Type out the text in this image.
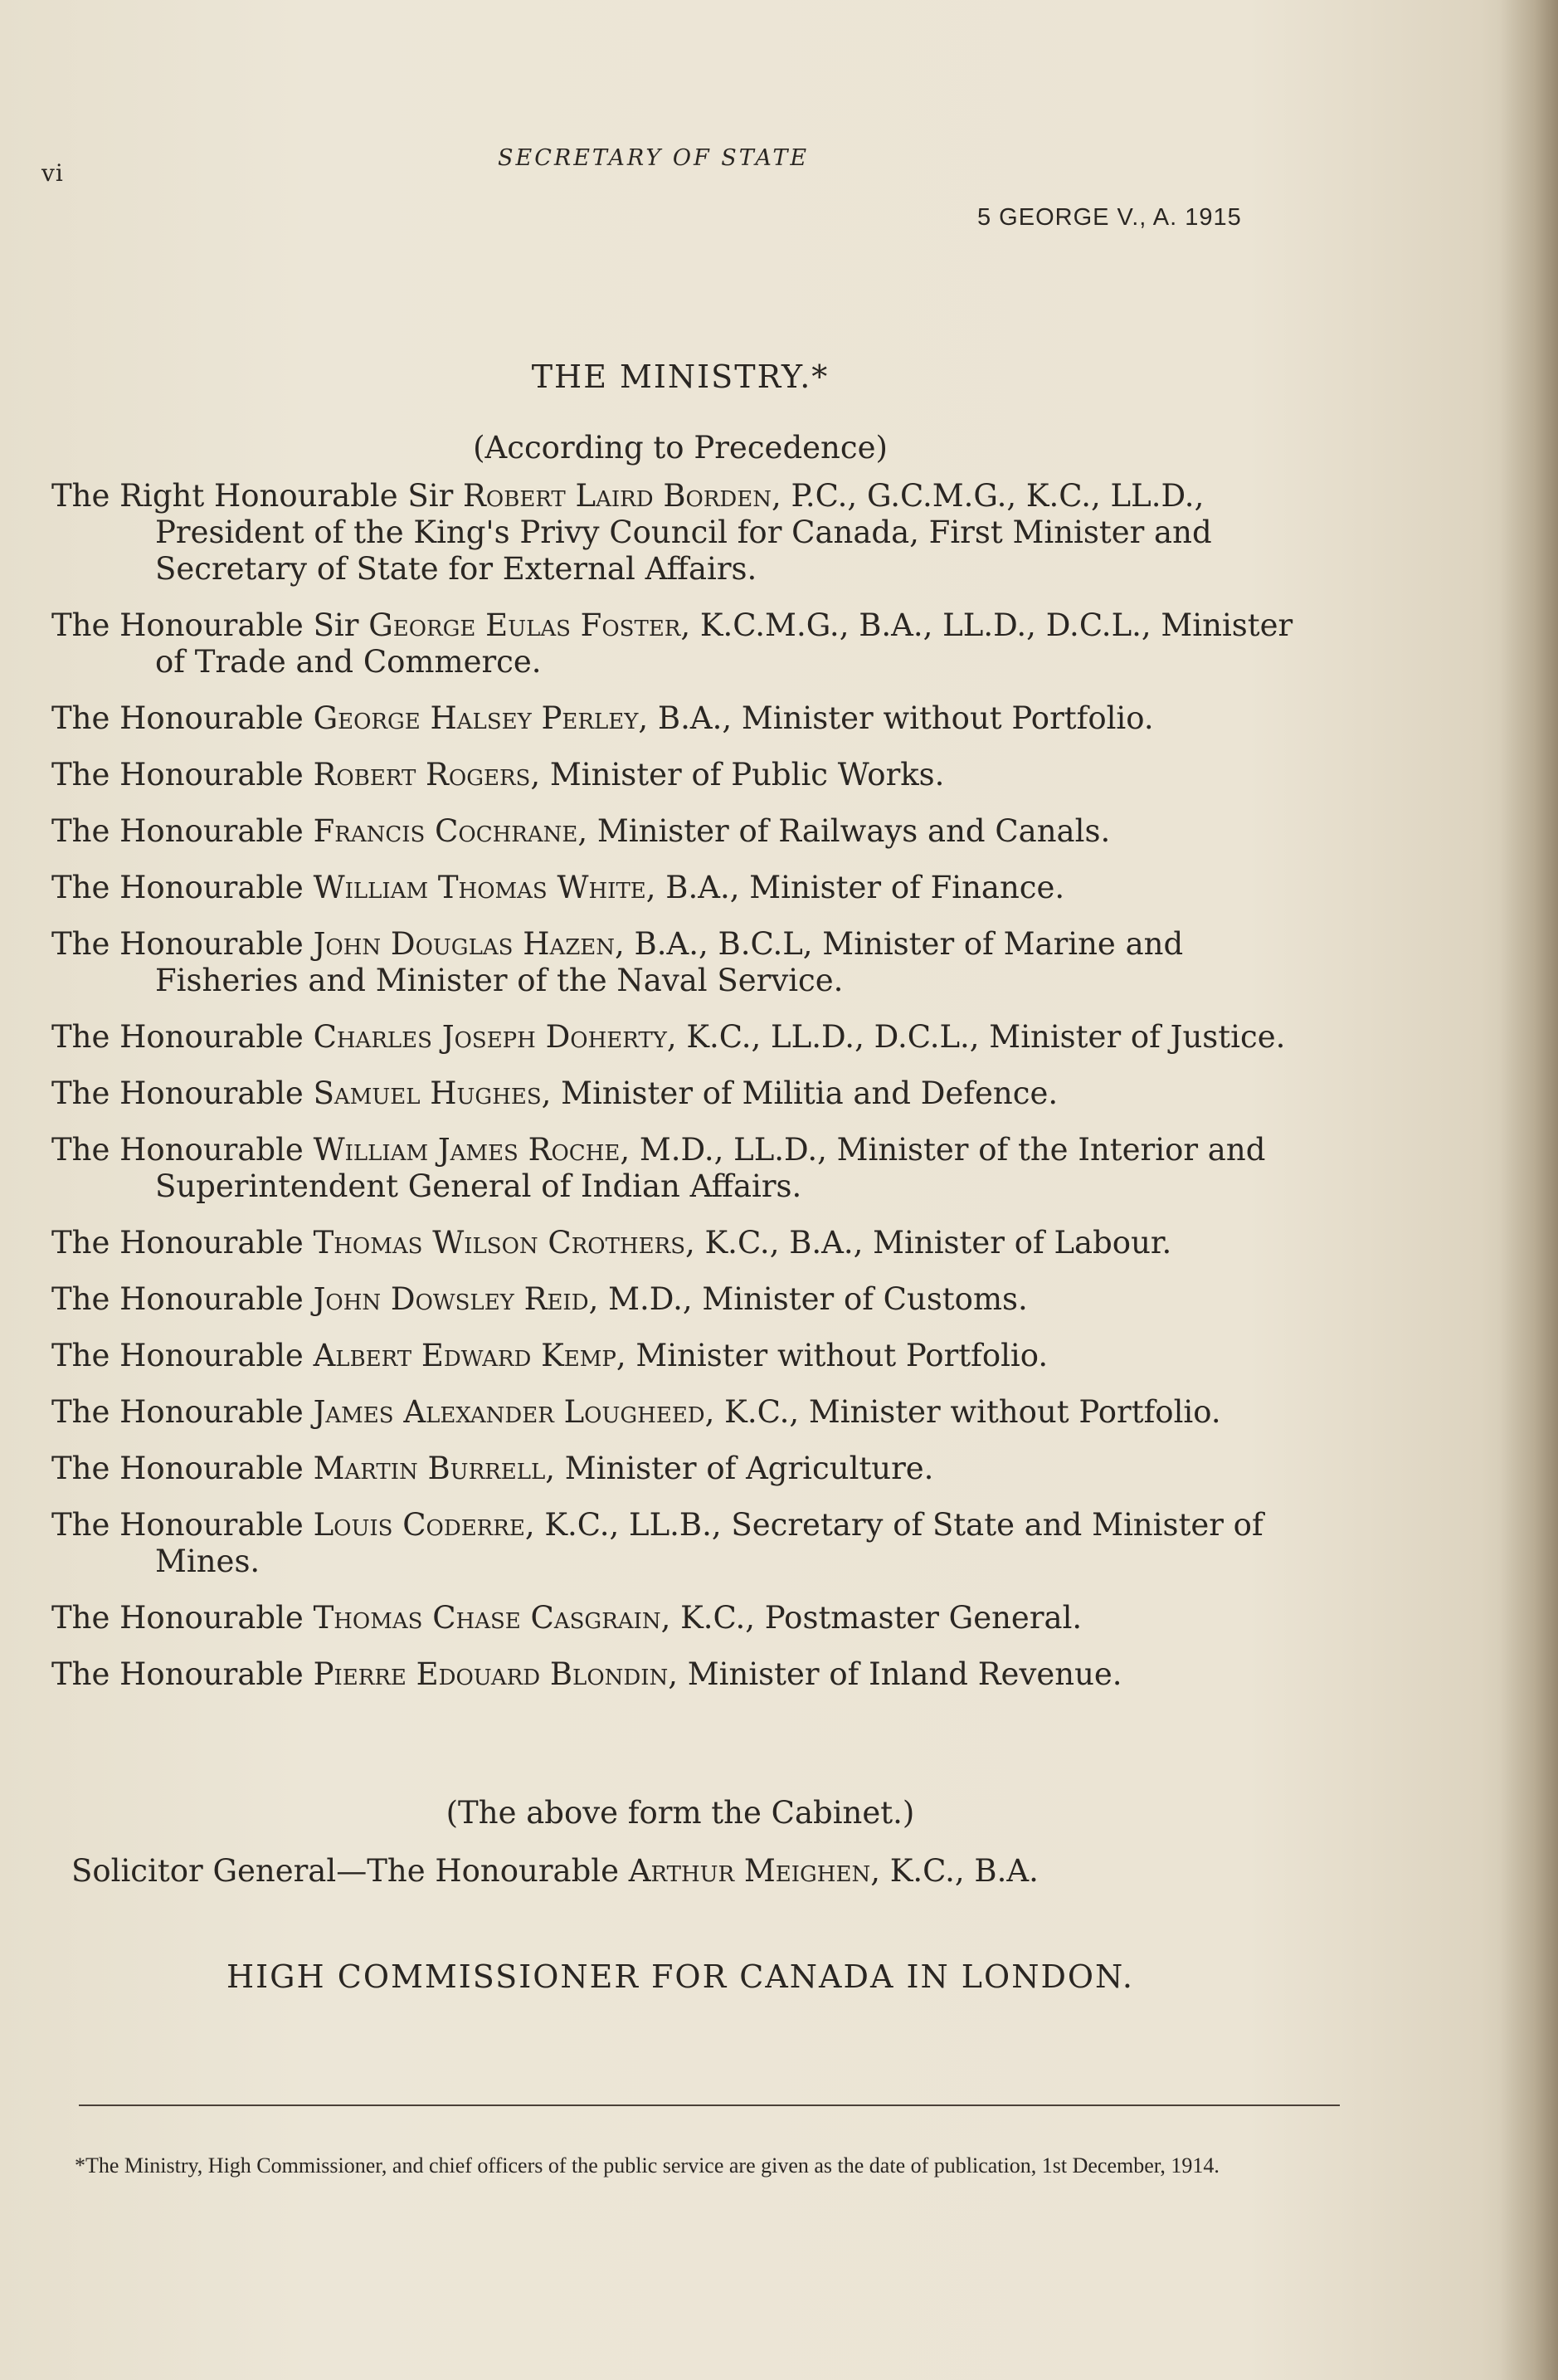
vi
SECRETARY OF STATE
5 GEORGE V., A. 1915
THE MINISTRY.*
(According to Precedence)
The Right Honourable Sir Robert Laird Borden, P.C., G.C.M.G., K.C., LL.D., President of the King's Privy Council for Canada, First Minister and Secretary of State for External Affairs.
The Honourable Sir George Eulas Foster, K.C.M.G., B.A., LL.D., D.C.L., Minister of Trade and Commerce.
The Honourable George Halsey Perley, B.A., Minister without Portfolio.
The Honourable Robert Rogers, Minister of Public Works.
The Honourable Francis Cochrane, Minister of Railways and Canals.
The Honourable William Thomas White, B.A., Minister of Finance.
The Honourable John Douglas Hazen, B.A., B.C.L, Minister of Marine and Fisheries and Minister of the Naval Service.
The Honourable Charles Joseph Doherty, K.C., LL.D., D.C.L., Minister of Justice.
The Honourable Samuel Hughes, Minister of Militia and Defence.
The Honourable William James Roche, M.D., LL.D., Minister of the Interior and Superintendent General of Indian Affairs.
The Honourable Thomas Wilson Crothers, K.C., B.A., Minister of Labour.
The Honourable John Dowsley Reid, M.D., Minister of Customs.
The Honourable Albert Edward Kemp, Minister without Portfolio.
The Honourable James Alexander Lougheed, K.C., Minister without Portfolio.
The Honourable Martin Burrell, Minister of Agriculture.
The Honourable Louis Coderre, K.C., LL.B., Secretary of State and Minister of Mines.
The Honourable Thomas Chase Casgrain, K.C., Postmaster General.
The Honourable Pierre Edouard Blondin, Minister of Inland Revenue.
(The above form the Cabinet.)
Solicitor General—The Honourable Arthur Meighen, K.C., B.A.
HIGH COMMISSIONER FOR CANADA IN LONDON.
*The Ministry, High Commissioner, and chief officers of the public service are given as the date of publication, 1st December, 1914.
